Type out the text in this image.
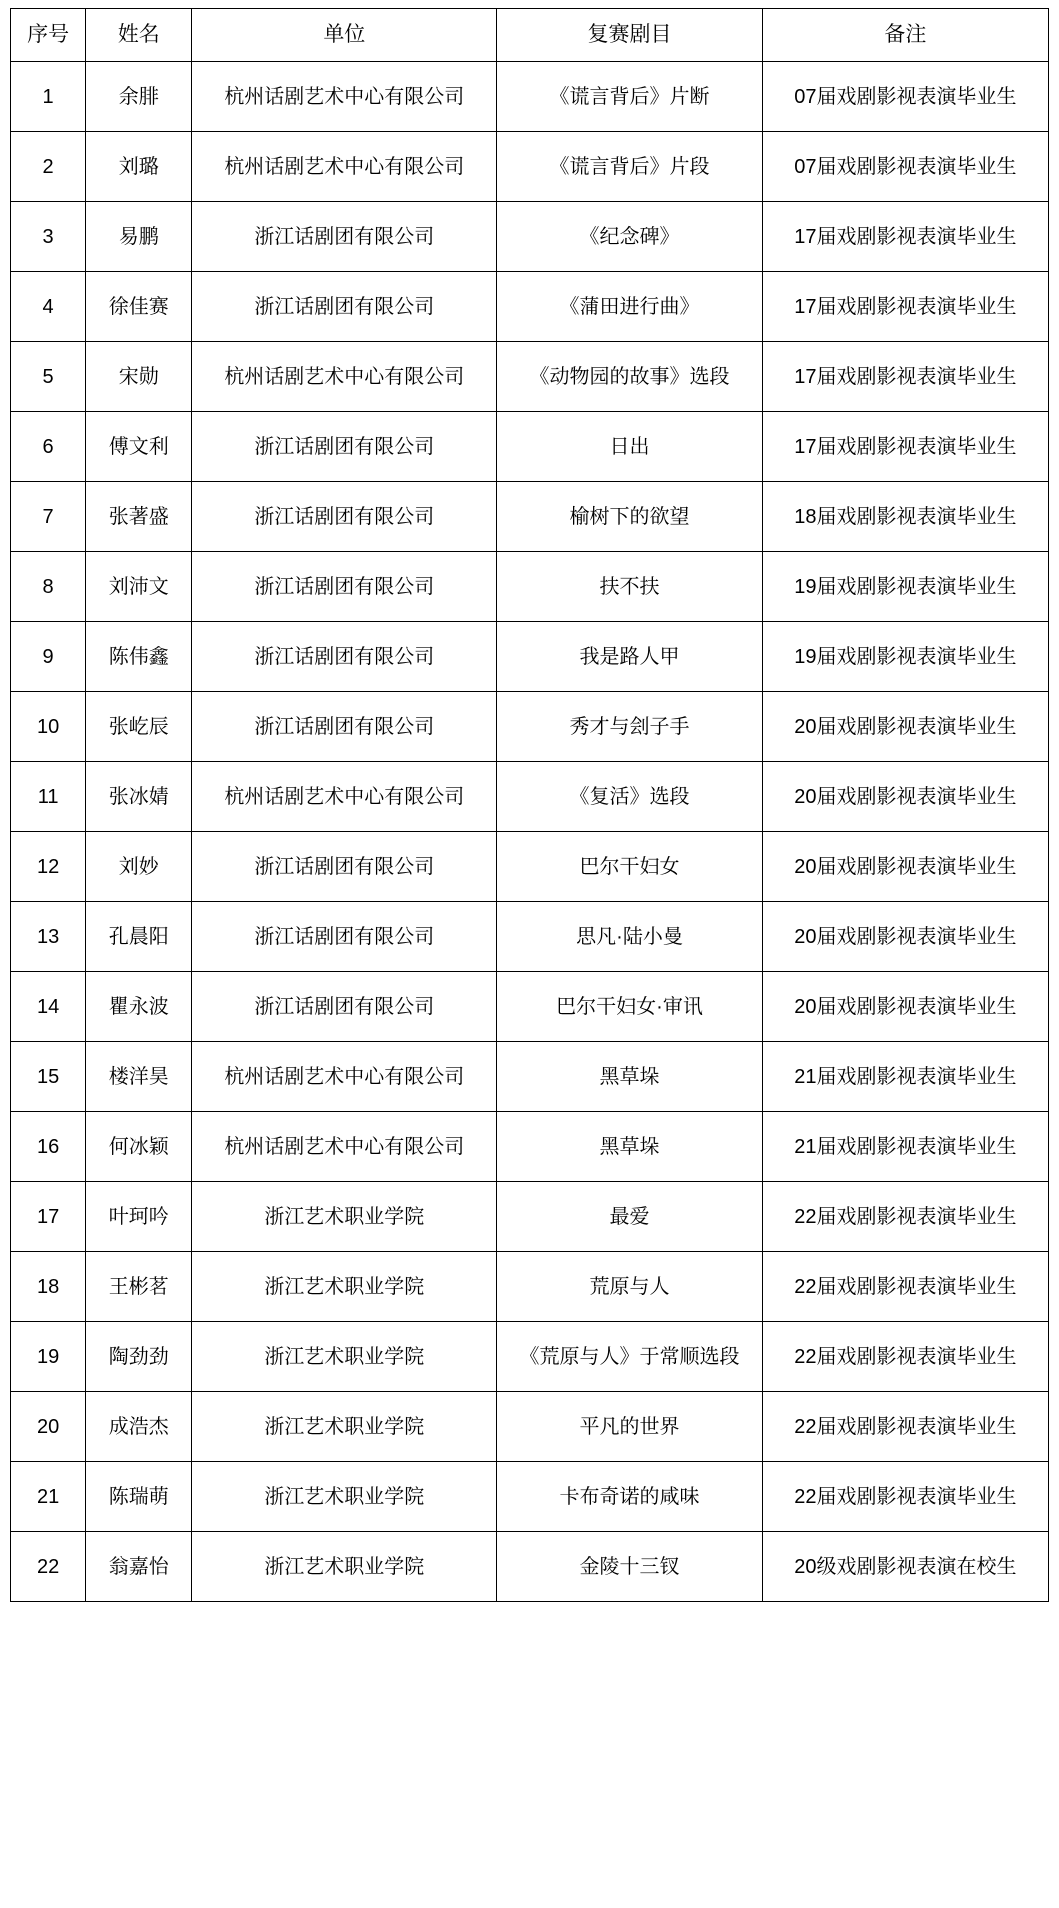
序号	姓名	单位	复赛剧目	备注
1	余腓	杭州话剧艺术中心有限公司	《谎言背后》片断	07届戏剧影视表演毕业生
2	刘璐	杭州话剧艺术中心有限公司	《谎言背后》片段	07届戏剧影视表演毕业生
3	易鹏	浙江话剧团有限公司	《纪念碑》	17届戏剧影视表演毕业生
4	徐佳赛	浙江话剧团有限公司	《蒲田进行曲》	17届戏剧影视表演毕业生
5	宋勋	杭州话剧艺术中心有限公司	《动物园的故事》选段	17届戏剧影视表演毕业生
6	傅文利	浙江话剧团有限公司	日出	17届戏剧影视表演毕业生
7	张著盛	浙江话剧团有限公司	榆树下的欲望	18届戏剧影视表演毕业生
8	刘沛文	浙江话剧团有限公司	扶不扶	19届戏剧影视表演毕业生
9	陈伟鑫	浙江话剧团有限公司	我是路人甲	19届戏剧影视表演毕业生
10	张屹辰	浙江话剧团有限公司	秀才与刽子手	20届戏剧影视表演毕业生
11	张冰婧	杭州话剧艺术中心有限公司	《复活》选段	20届戏剧影视表演毕业生
12	刘妙	浙江话剧团有限公司	巴尔干妇女	20届戏剧影视表演毕业生
13	孔晨阳	浙江话剧团有限公司	思凡·陆小曼	20届戏剧影视表演毕业生
14	瞿永波	浙江话剧团有限公司	巴尔干妇女·审讯	20届戏剧影视表演毕业生
15	楼洋昊	杭州话剧艺术中心有限公司	黑草垛	21届戏剧影视表演毕业生
16	何冰颖	杭州话剧艺术中心有限公司	黑草垛	21届戏剧影视表演毕业生
17	叶珂吟	浙江艺术职业学院	最爱	22届戏剧影视表演毕业生
18	王彬茗	浙江艺术职业学院	荒原与人	22届戏剧影视表演毕业生
19	陶劲劲	浙江艺术职业学院	《荒原与人》于常顺选段	22届戏剧影视表演毕业生
20	成浩杰	浙江艺术职业学院	平凡的世界	22届戏剧影视表演毕业生
21	陈瑞萌	浙江艺术职业学院	卡布奇诺的咸味	22届戏剧影视表演毕业生
22	翁嘉怡	浙江艺术职业学院	金陵十三钗	20级戏剧影视表演在校生
